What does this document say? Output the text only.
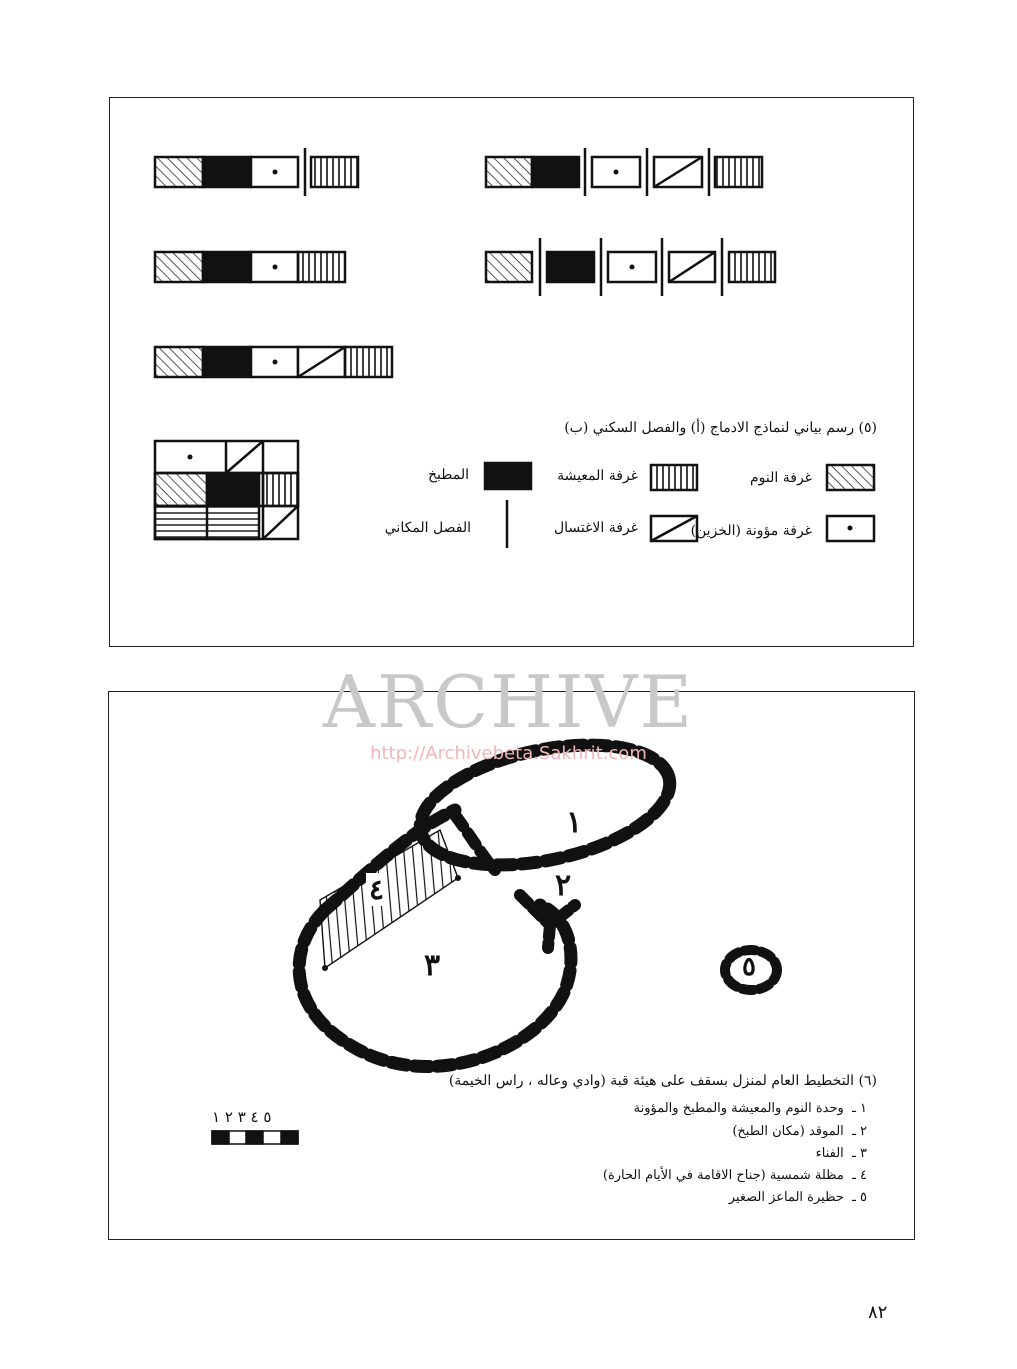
(٥) رسم بياني لنماذج الادماج (أ) والفصل السكني (ب)
غرفة النوم
غرفة المعيشة
المطبخ
غرفة مؤونة (الخزين)
غرفة الاغتسال
الفصل المكاني
١
٢
٣
٤
٥
٥ ٤ ٣ ٢ ١
(٦) التخطيط العام لمنزل بسقف على هيئة قبة (وادي وعاله ، راس الخيمة)
١ ـ  وحدة النوم والمعيشة والمطبخ والمؤونة
٢ ـ  الموقد (مكان الطبخ)
٣ ـ  الفناء
٤ ـ  مظلة شمسية (جناح الاقامة في الأيام الحارة)
٥ ـ  حظيرة الماعز الصغير
ARCHIVE
http://Archivebeta.Sakhrit.com
٨٢
